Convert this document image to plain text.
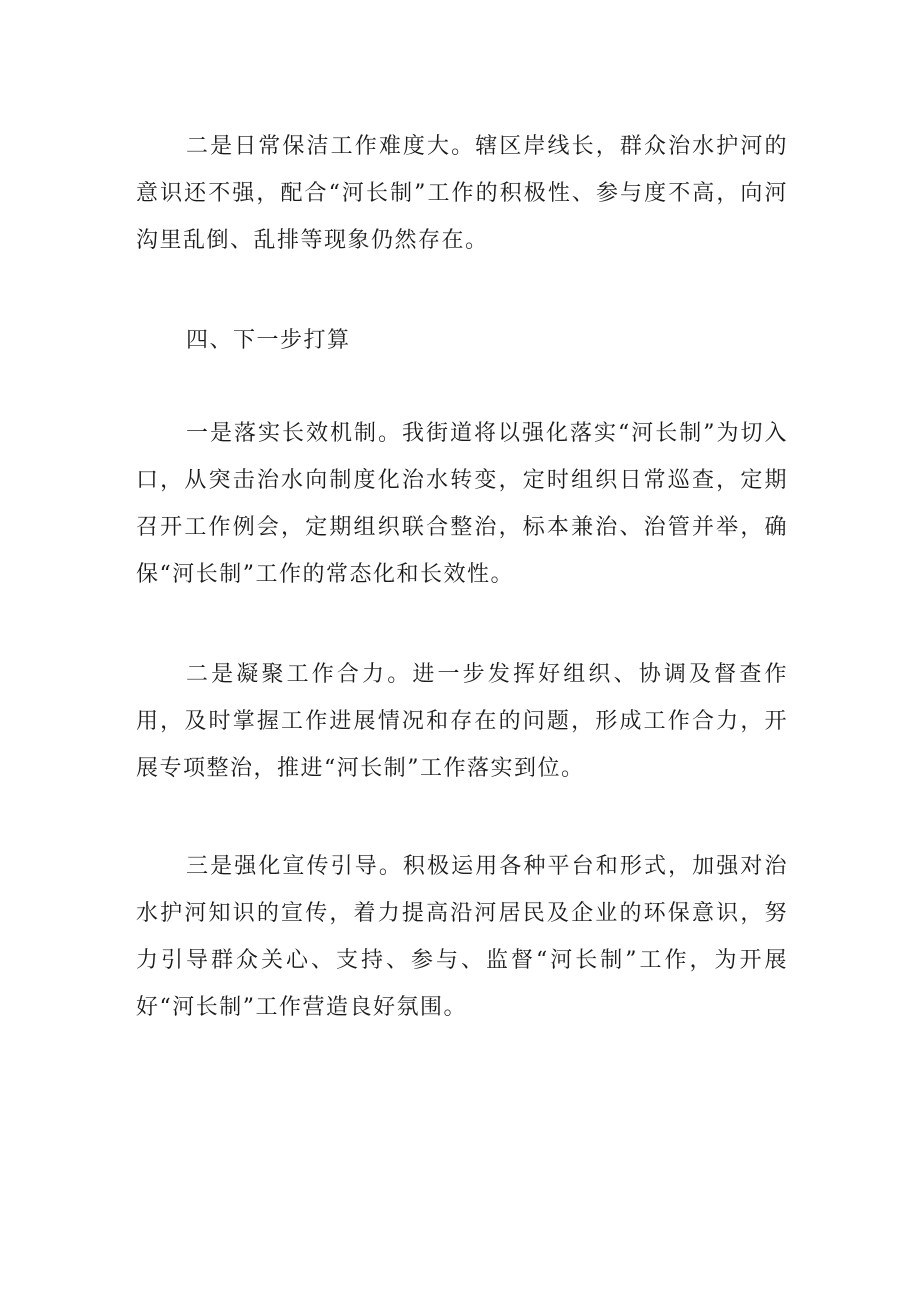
二是日常保洁工作难度大。辖区岸线长，群众治水护河的意识还不强，配合“河长制”工作的积极性、参与度不高，向河沟里乱倒、乱排等现象仍然存在。

四、下一步打算

一是落实长效机制。我街道将以强化落实“河长制”为切入口，从突击治水向制度化治水转变，定时组织日常巡查，定期召开工作例会，定期组织联合整治，标本兼治、治管并举，确保“河长制”工作的常态化和长效性。

二是凝聚工作合力。进一步发挥好组织、协调及督查作用，及时掌握工作进展情况和存在的问题，形成工作合力，开展专项整治，推进“河长制”工作落实到位。

三是强化宣传引导。积极运用各种平台和形式，加强对治水护河知识的宣传，着力提高沿河居民及企业的环保意识，努力引导群众关心、支持、参与、监督“河长制”工作，为开展好“河长制”工作营造良好氛围。
